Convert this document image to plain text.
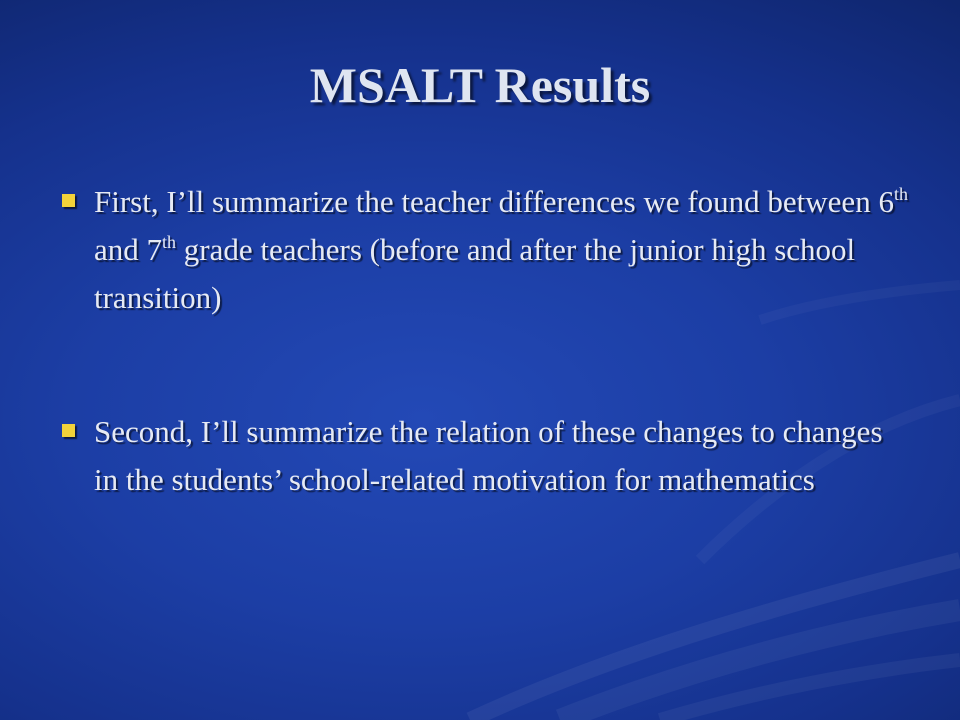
MSALT Results
First, I’ll summarize the teacher differences we found between 6th and 7th grade teachers (before and after the junior high school transition)
Second, I’ll summarize the relation of these changes to changes in the students’ school-related motivation for mathematics
